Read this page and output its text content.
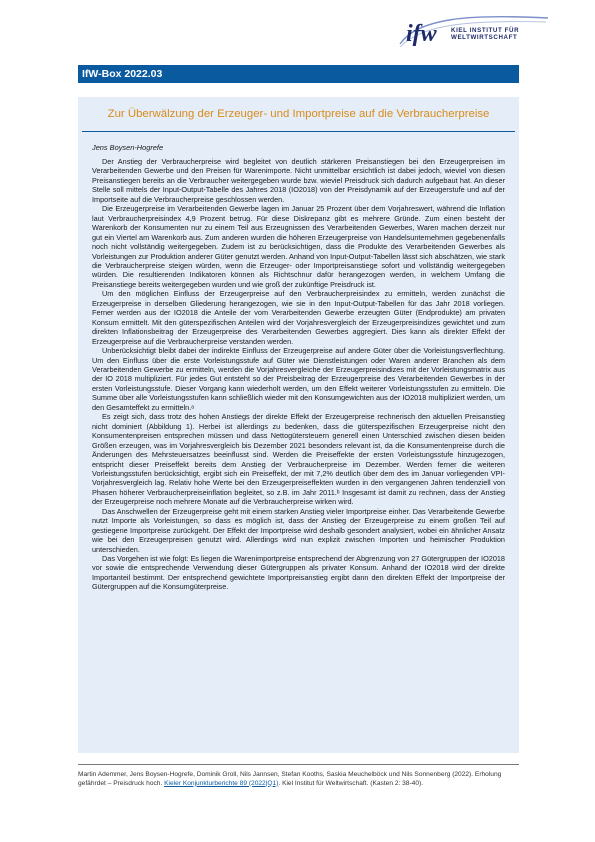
ifw KIEL INSTITUT FÜR
WELTWIRTSCHAFT
IfW-Box 2022.03
Zur Überwälzung der Erzeuger- und Importpreise auf die Verbraucherpreise
Jens Boysen-Hogrefe

Der Anstieg der Verbraucherpreise wird begleitet von deutlich stärkeren Preisanstiegen bei den Erzeugerpreisen im Verarbeitenden Gewerbe und den Preisen für Warenimporte. Nicht unmittelbar ersichtlich ist dabei jedoch, wieviel von diesen Preisanstiegen bereits an die Verbraucher weitergegeben wurde bzw. wieviel Preisdruck sich dadurch aufgebaut hat. An dieser Stelle soll mittels der Input-Output-Tabelle des Jahres 2018 (IO2018) von der Preisdynamik auf der Erzeugerstufe und auf der Importseite auf die Verbraucherpreise geschlossen werden.

Die Erzeugerpreise im Verarbeitenden Gewerbe lagen im Januar 25 Prozent über dem Vorjahreswert, während die Inflation laut Verbraucherpreisindex 4,9 Prozent betrug. Für diese Diskrepanz gibt es mehrere Gründe. Zum einen besteht der Warenkorb der Konsumenten nur zu einem Teil aus Erzeugnissen des Verarbeitenden Gewerbes, Waren machen derzeit nur gut ein Viertel am Warenkorb aus. Zum anderen wurden die höheren Erzeugerpreise von Handelsunternehmen gegebenenfalls noch nicht vollständig weitergegeben. Zudem ist zu berücksichtigen, dass die Produkte des Verarbeitenden Gewerbes als Vorleistungen zur Produktion anderer Güter genutzt werden. Anhand von Input-Output-Tabellen lässt sich abschätzen, wie stark die Verbraucherpreise steigen würden, wenn die Erzeuger- oder Importpreisanstiege sofort und vollständig weitergegeben würden. Die resultierenden Indikatoren können als Richtschnur dafür herangezogen werden, in welchem Umfang die Preisanstiege bereits weitergegeben wurden und wie groß der zukünftige Preisdruck ist.

Um den möglichen Einfluss der Erzeugerpreise auf den Verbraucherpreisindex zu ermitteln, werden zunächst die Erzeugerpreise in derselben Gliederung herangezogen, wie sie in den Input-Output-Tabellen für das Jahr 2018 vorliegen. Ferner werden aus der IO2018 die Anteile der vom Verarbeitenden Gewerbe erzeugten Güter (Endprodukte) am privaten Konsum ermittelt. Mit den güterspezifischen Anteilen wird der Vorjahresvergleich der Erzeugerpreisindizes gewichtet und zum direkten Inflationsbeitrag der Erzeugerpreise des Verarbeitenden Gewerbes aggregiert. Dies kann als direkter Effekt der Erzeugerpreise auf die Verbraucherpreise verstanden werden.

Unberücksichtigt bleibt dabei der indirekte Einfluss der Erzeugerpreise auf andere Güter über die Vorleistungsverflechtung. Um den Einfluss über die erste Vorleistungsstufe auf Güter wie Dienstleistungen oder Waren anderer Branchen als dem Verarbeitenden Gewerbe zu ermitteln, werden die Vorjahresvergleiche der Erzeugerpreisindizes mit der Vorleistungsmatrix aus der IO 2018 multipliziert. Für jedes Gut entsteht so der Preisbeitrag der Erzeugerpreise des Verarbeitenden Gewerbes in der ersten Vorleistungsstufe. Dieser Vorgang kann wiederholt werden, um den Effekt weiterer Vorleistungsstufen zu ermitteln. Die Summe über alle Vorleistungsstufen kann schließlich wieder mit den Konsumgewichten aus der IO2018 multipliziert werden, um den Gesamteffekt zu ermitteln.ᵃ

Es zeigt sich, dass trotz des hohen Anstiegs der direkte Effekt der Erzeugerpreise rechnerisch den aktuellen Preisanstieg nicht dominiert (Abbildung 1). Herbei ist allerdings zu bedenken, dass die güterspezifischen Erzeugerpreise nicht den Konsumentenpreisen entsprechen müssen und dass Nettogütersteuern generell einen Unterschied zwischen diesen beiden Größen erzeugen, was im Vorjahresvergleich bis Dezember 2021 besonders relevant ist, da die Konsumentenpreise durch die Änderungen des Mehrsteuersatzes beeinflusst sind. Werden die Preiseffekte der ersten Vorleistungsstufe hinzugezogen, entspricht dieser Preiseffekt bereits dem Anstieg der Verbraucherpreise im Dezember. Werden ferner die weiteren Vorleistungsstufen berücksichtigt, ergibt sich ein Preiseffekt, der mit 7,2% deutlich über dem des im Januar vorliegenden VPI-Vorjahresvergleich lag. Relativ hohe Werte bei den Erzeugerpreiseffekten wurden in den vergangenen Jahren tendenziell von Phasen höherer Verbraucherpreiseinflation begleitet, so z.B. im Jahr 2011.ᵇ Insgesamt ist damit zu rechnen, dass der Anstieg der Erzeugerpreise noch mehrere Monate auf die Verbraucherpreise wirken wird.

Das Anschwellen der Erzeugerpreise geht mit einem starken Anstieg vieler Importpreise einher. Das Verarbeitende Gewerbe nutzt Importe als Vorleistungen, so dass es möglich ist, dass der Anstieg der Erzeugerpreise zu einem großen Teil auf gestiegene Importpreise zurückgeht. Der Effekt der Importpreise wird deshalb gesondert analysiert, wobei ein ähnlicher Ansatz wie bei den Erzeugerpreisen genutzt wird. Allerdings wird nun explizit zwischen Importen und heimischer Produktion unterschieden.

Das Vorgehen ist wie folgt: Es liegen die Warenimportpreise entsprechend der Abgrenzung von 27 Gütergruppen der IO2018 vor sowie die entsprechende Verwendung dieser Gütergruppen als privater Konsum. Anhand der IO2018 wird der direkte Importanteil bestimmt. Der entsprechend gewichtete Importpreisanstieg ergibt dann den direkten Effekt der Importpreise der Gütergruppen auf die Konsumgüterpreise.

Martin Ademmer, Jens Boysen-Hogrefe, Dominik Groll, Nils Jannsen, Stefan Kooths, Saskia Meuchelböck und Nils Sonnenberg (2022). Erholung gefährdet – Preisdruck hoch. Kieler Konjunkturberichte 89 (2022|Q1). Kiel Institut für Weltwirtschaft. (Kasten 2: 38-40).
